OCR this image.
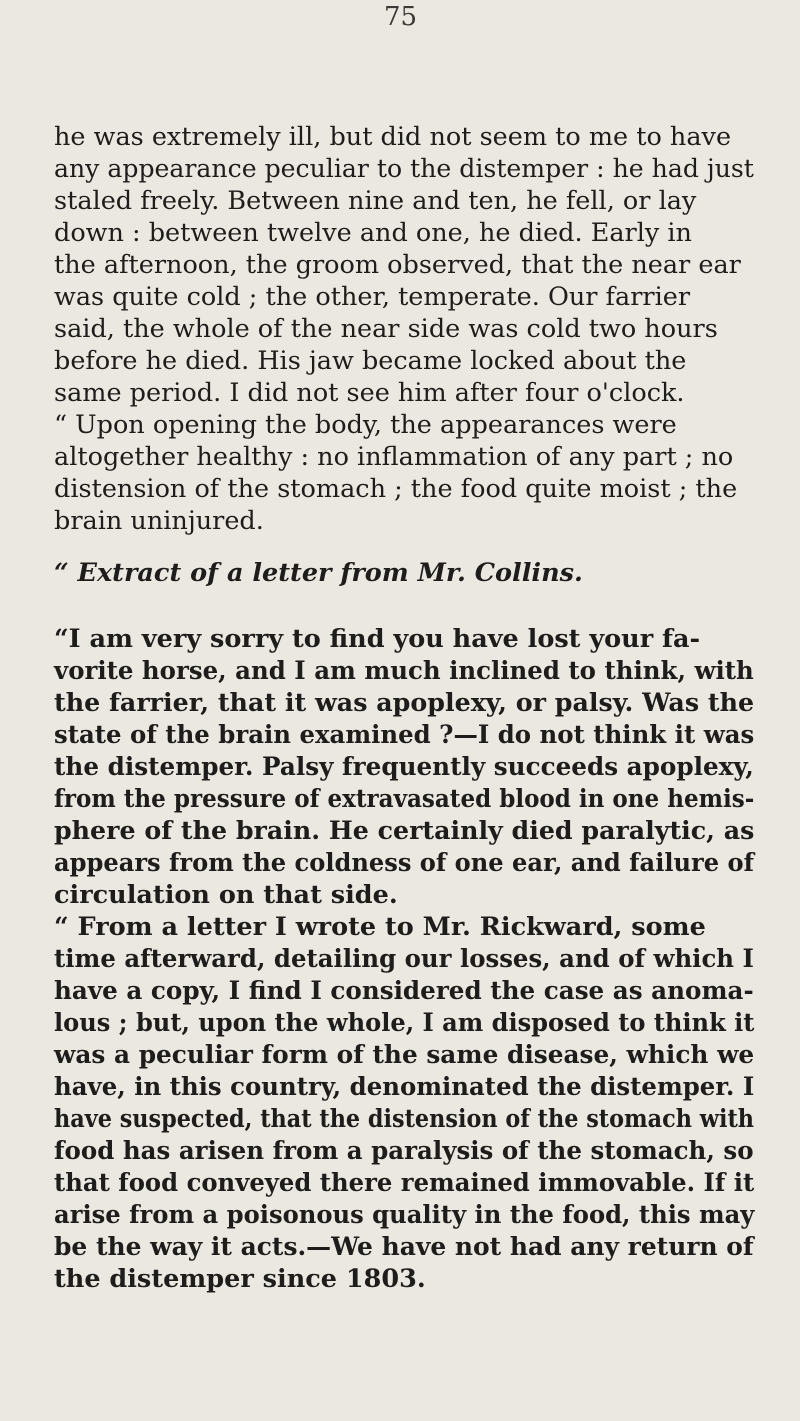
75
he was extremely ill, but did not seem to me to have
any appearance peculiar to the distemper : he had just
staled freely. Between nine and ten, he fell, or lay
down : between twelve and one, he died. Early in
the afternoon, the groom observed, that the near ear
was quite cold ; the other, temperate. Our farrier
said, the whole of the near side was cold two hours
before he died. His jaw became locked about the
same period. I did not see him after four o'clock.
“ Upon opening the body, the appearances were
altogether healthy : no inflammation of any part ; no
distension of the stomach ; the food quite moist ; the
brain uninjured.
“ Extract of a letter from Mr. Collins.
“I am very sorry to find you have lost your fa-
vorite horse, and I am much inclined to think, with
the farrier, that it was apoplexy, or palsy. Was the
state of the brain examined ?—I do not think it was
the distemper. Palsy frequently succeeds apoplexy,
from the pressure of extravasated blood in one hemis-
phere of the brain. He certainly died paralytic, as
appears from the coldness of one ear, and failure of
circulation on that side.
“ From a letter I wrote to Mr. Rickward, some
time afterward, detailing our losses, and of which I
have a copy, I find I considered the case as anoma-
lous ; but, upon the whole, I am disposed to think it
was a peculiar form of the same disease, which we
have, in this country, denominated the distemper. I
have suspected, that the distension of the stomach with
food has arisen from a paralysis of the stomach, so
that food conveyed there remained immovable. If it
arise from a poisonous quality in the food, this may
be the way it acts.—We have not had any return of
the distemper since 1803.
